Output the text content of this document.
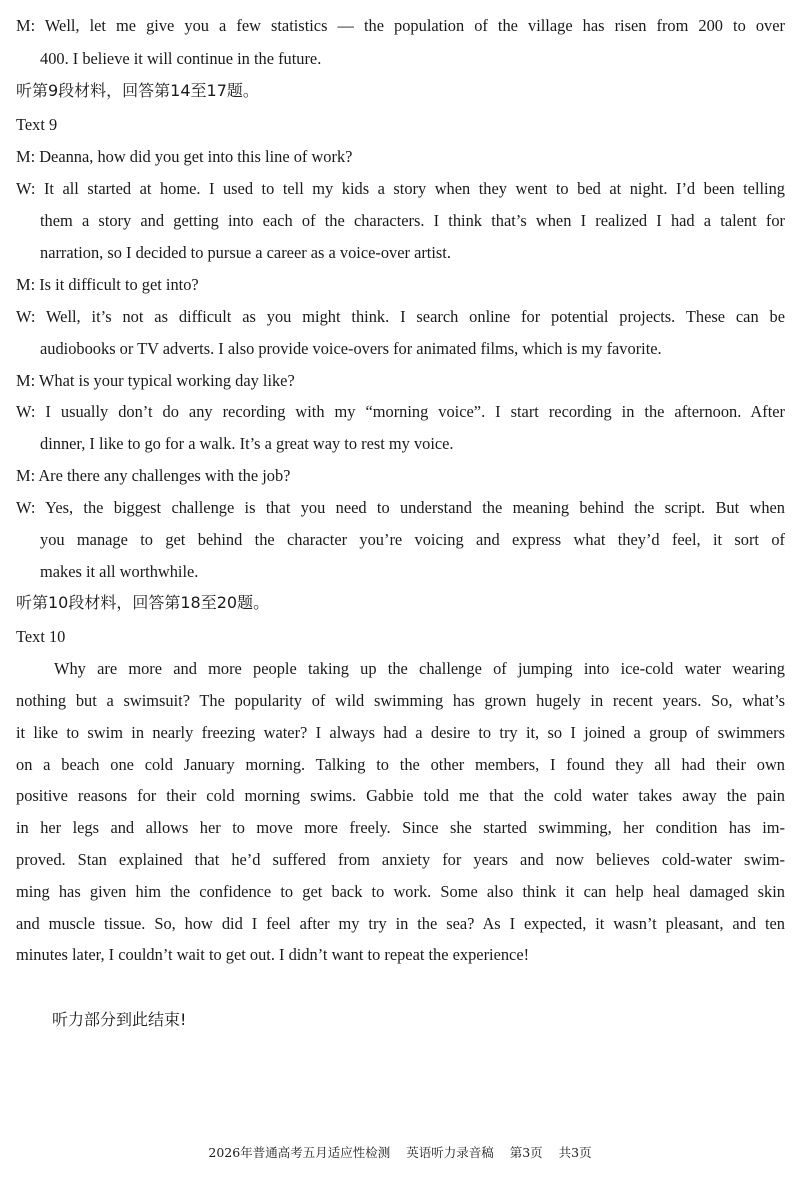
M: Well, let me give you a few statistics — the population of the village has risen from 200 to over
400. I believe it will continue in the future.
听第9段材料，回答第14至17题。
Text 9
M: Deanna, how did you get into this line of work?
W: It all started at home. I used to tell my kids a story when they went to bed at night. I’d been telling
them a story and getting into each of the characters. I think that’s when I realized I had a talent for
narration, so I decided to pursue a career as a voice-over artist.
M: Is it difficult to get into?
W: Well, it’s not as difficult as you might think. I search online for potential projects. These can be
audiobooks or TV adverts. I also provide voice-overs for animated films, which is my favorite.
M: What is your typical working day like?
W: I usually don’t do any recording with my “morning voice”. I start recording in the afternoon. After
dinner, I like to go for a walk. It’s a great way to rest my voice.
M: Are there any challenges with the job?
W: Yes, the biggest challenge is that you need to understand the meaning behind the script. But when
you manage to get behind the character you’re voicing and express what they’d feel, it sort of
makes it all worthwhile.
听第10段材料，回答第18至20题。
Text 10
Why are more and more people taking up the challenge of jumping into ice-cold water wearing
nothing but a swimsuit? The popularity of wild swimming has grown hugely in recent years. So, what’s
it like to swim in nearly freezing water? I always had a desire to try it, so I joined a group of swimmers
on a beach one cold January morning. Talking to the other members, I found they all had their own
positive reasons for their cold morning swims. Gabbie told me that the cold water takes away the pain
in her legs and allows her to move more freely. Since she started swimming, her condition has im-
proved. Stan explained that he’d suffered from anxiety for years and now believes cold-water swim-
ming has given him the confidence to get back to work. Some also think it can help heal damaged skin
and muscle tissue. So, how did I feel after my try in the sea? As I expected, it wasn’t pleasant, and ten
minutes later, I couldn’t wait to get out. I didn’t want to repeat the experience!
听力部分到此结束!
2026年普通高考五月适应性检测 英语听力录音稿 第3页 共3页
